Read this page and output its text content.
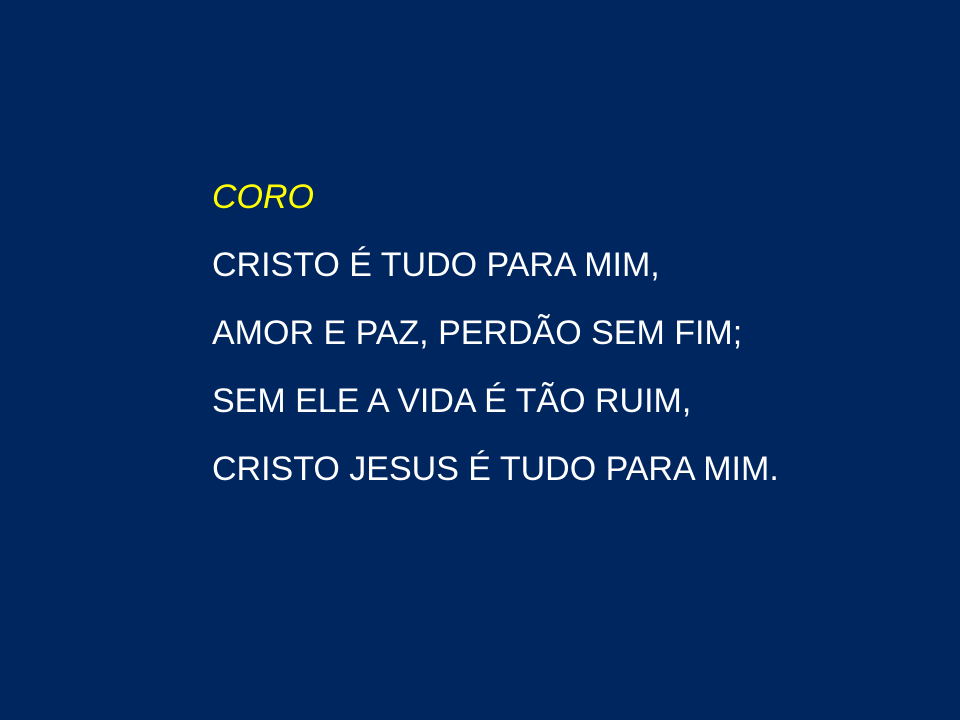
CORO
CRISTO É TUDO PARA MIM,
AMOR E PAZ, PERDÃO SEM FIM;
SEM ELE A VIDA É TÃO RUIM,
CRISTO JESUS É TUDO PARA MIM.
